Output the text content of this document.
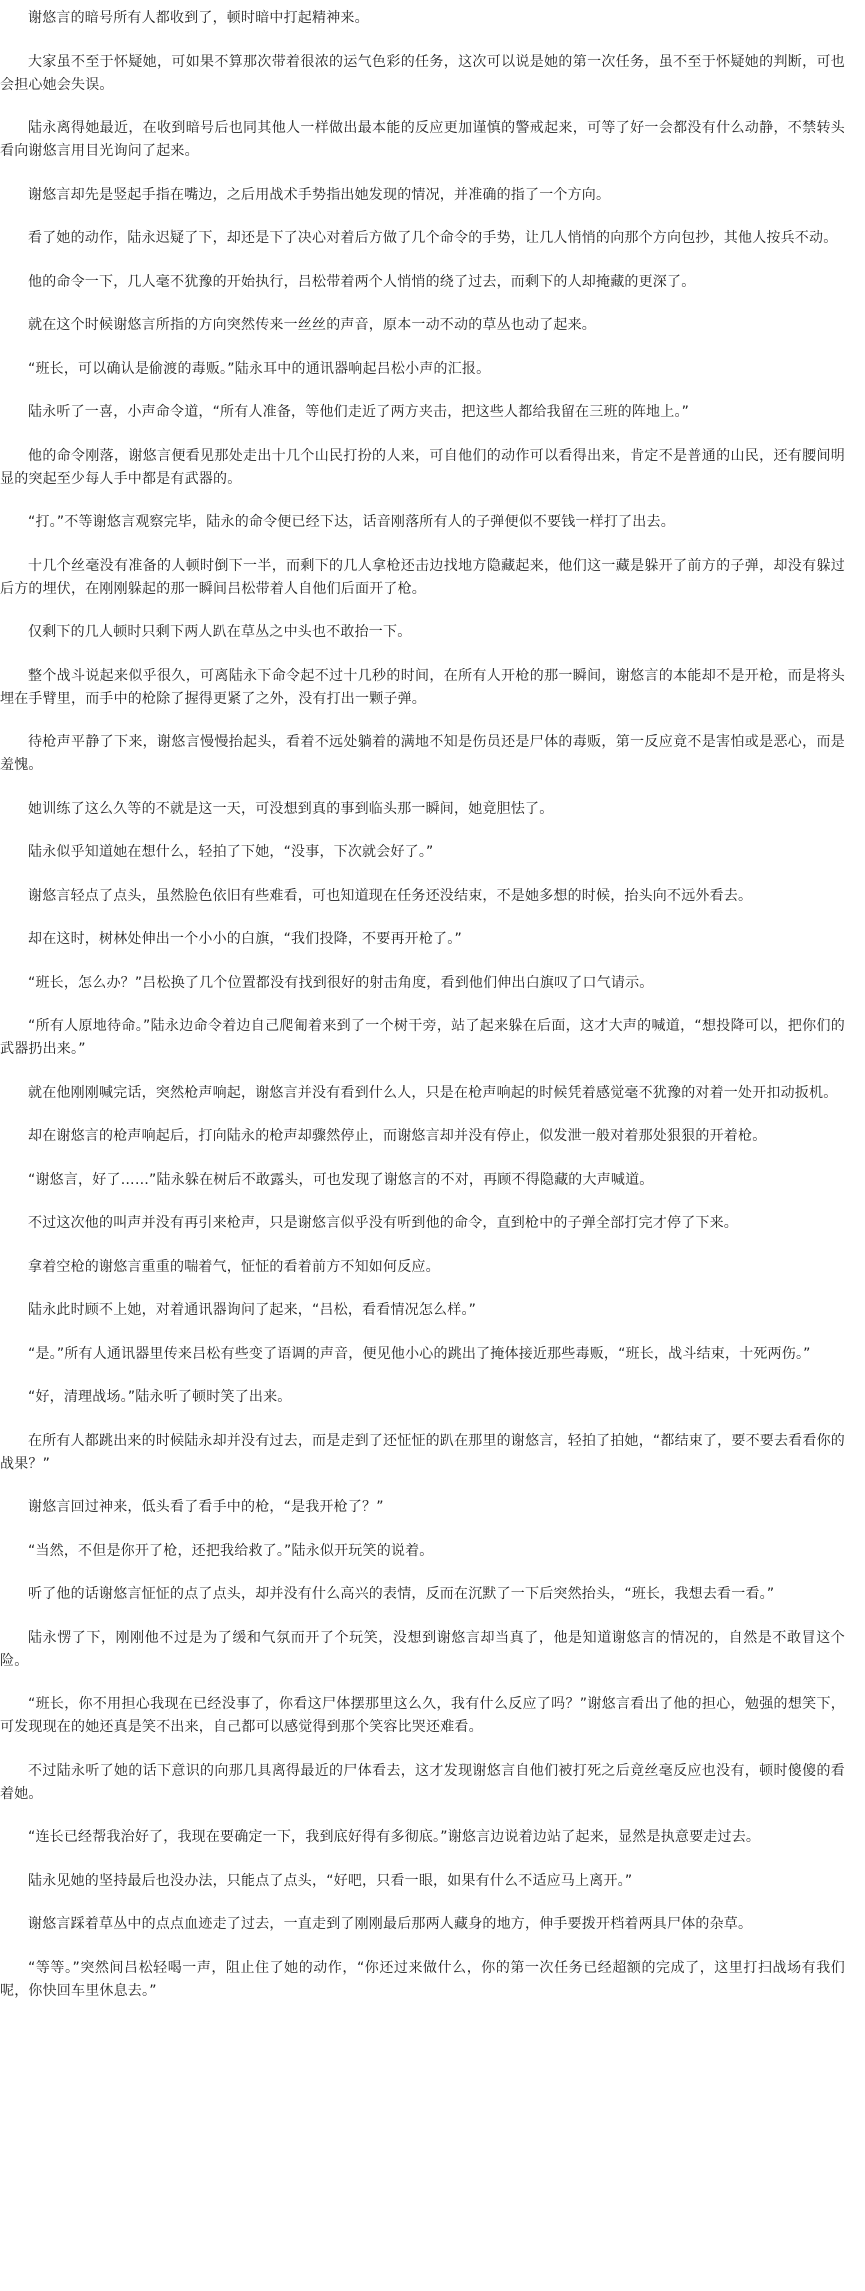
谢悠言的暗号所有人都收到了，顿时暗中打起精神来。

大家虽不至于怀疑她，可如果不算那次带着很浓的运气色彩的任务，这次可以说是她的第一次任务，虽不至于怀疑她的判断，可也会担心她会失误。

陆永离得她最近，在收到暗号后也同其他人一样做出最本能的反应更加谨慎的警戒起来，可等了好一会都没有什么动静，不禁转头看向谢悠言用目光询问了起来。

谢悠言却先是竖起手指在嘴边，之后用战术手势指出她发现的情况，并准确的指了一个方向。

看了她的动作，陆永迟疑了下，却还是下了决心对着后方做了几个命令的手势，让几人悄悄的向那个方向包抄，其他人按兵不动。

他的命令一下，几人毫不犹豫的开始执行，吕松带着两个人悄悄的绕了过去，而剩下的人却掩藏的更深了。

就在这个时候谢悠言所指的方向突然传来一丝丝的声音，原本一动不动的草丛也动了起来。

“班长，可以确认是偷渡的毒贩。”陆永耳中的通讯器响起吕松小声的汇报。

陆永听了一喜，小声命令道，“所有人准备，等他们走近了两方夹击，把这些人都给我留在三班的阵地上。”

他的命令刚落，谢悠言便看见那处走出十几个山民打扮的人来，可自他们的动作可以看得出来，肯定不是普通的山民，还有腰间明显的突起至少每人手中都是有武器的。

“打。”不等谢悠言观察完毕，陆永的命令便已经下达，话音刚落所有人的子弹便似不要钱一样打了出去。

十几个丝毫没有准备的人顿时倒下一半，而剩下的几人拿枪还击边找地方隐藏起来，他们这一藏是躲开了前方的子弹，却没有躲过后方的埋伏，在刚刚躲起的那一瞬间吕松带着人自他们后面开了枪。

仅剩下的几人顿时只剩下两人趴在草丛之中头也不敢抬一下。

整个战斗说起来似乎很久，可离陆永下命令起不过十几秒的时间，在所有人开枪的那一瞬间，谢悠言的本能却不是开枪，而是将头埋在手臂里，而手中的枪除了握得更紧了之外，没有打出一颗子弹。

待枪声平静了下来，谢悠言慢慢抬起头，看着不远处躺着的满地不知是伤员还是尸体的毒贩，第一反应竟不是害怕或是恶心，而是羞愧。

她训练了这么久等的不就是这一天，可没想到真的事到临头那一瞬间，她竟胆怯了。

陆永似乎知道她在想什么，轻拍了下她，“没事，下次就会好了。”

谢悠言轻点了点头，虽然脸色依旧有些难看，可也知道现在任务还没结束，不是她多想的时候，抬头向不远外看去。

却在这时，树林处伸出一个小小的白旗，“我们投降，不要再开枪了。”

“班长，怎么办？”吕松换了几个位置都没有找到很好的射击角度，看到他们伸出白旗叹了口气请示。

“所有人原地待命。”陆永边命令着边自己爬匍着来到了一个树干旁，站了起来躲在后面，这才大声的喊道，“想投降可以，把你们的武器扔出来。”

就在他刚刚喊完话，突然枪声响起，谢悠言并没有看到什么人，只是在枪声响起的时候凭着感觉毫不犹豫的对着一处开扣动扳机。

却在谢悠言的枪声响起后，打向陆永的枪声却骤然停止，而谢悠言却并没有停止，似发泄一般对着那处狠狠的开着枪。

“谢悠言，好了……”陆永躲在树后不敢露头，可也发现了谢悠言的不对，再顾不得隐藏的大声喊道。

不过这次他的叫声并没有再引来枪声，只是谢悠言似乎没有听到他的命令，直到枪中的子弹全部打完才停了下来。

拿着空枪的谢悠言重重的喘着气，怔怔的看着前方不知如何反应。

陆永此时顾不上她，对着通讯器询问了起来，“吕松，看看情况怎么样。”

“是。”所有人通讯器里传来吕松有些变了语调的声音，便见他小心的跳出了掩体接近那些毒贩，“班长，战斗结束，十死两伤。”

“好，清理战场。”陆永听了顿时笑了出来。

在所有人都跳出来的时候陆永却并没有过去，而是走到了还怔怔的趴在那里的谢悠言，轻拍了拍她，“都结束了，要不要去看看你的战果？”

谢悠言回过神来，低头看了看手中的枪，“是我开枪了？”

“当然，不但是你开了枪，还把我给救了。”陆永似开玩笑的说着。

听了他的话谢悠言怔怔的点了点头，却并没有什么高兴的表情，反而在沉默了一下后突然抬头，“班长，我想去看一看。”

陆永愣了下，刚刚他不过是为了缓和气氛而开了个玩笑，没想到谢悠言却当真了，他是知道谢悠言的情况的，自然是不敢冒这个险。

“班长，你不用担心我现在已经没事了，你看这尸体摆那里这么久，我有什么反应了吗？”谢悠言看出了他的担心，勉强的想笑下，可发现现在的她还真是笑不出来，自己都可以感觉得到那个笑容比哭还难看。

不过陆永听了她的话下意识的向那几具离得最近的尸体看去，这才发现谢悠言自他们被打死之后竟丝毫反应也没有，顿时傻傻的看着她。

“连长已经帮我治好了，我现在要确定一下，我到底好得有多彻底。”谢悠言边说着边站了起来，显然是执意要走过去。

陆永见她的坚持最后也没办法，只能点了点头，“好吧，只看一眼，如果有什么不适应马上离开。”

谢悠言踩着草丛中的点点血迹走了过去，一直走到了刚刚最后那两人藏身的地方，伸手要拨开档着两具尸体的杂草。

“等等。”突然间吕松轻喝一声，阻止住了她的动作，“你还过来做什么，你的第一次任务已经超额的完成了，这里打扫战场有我们呢，你快回车里休息去。”
